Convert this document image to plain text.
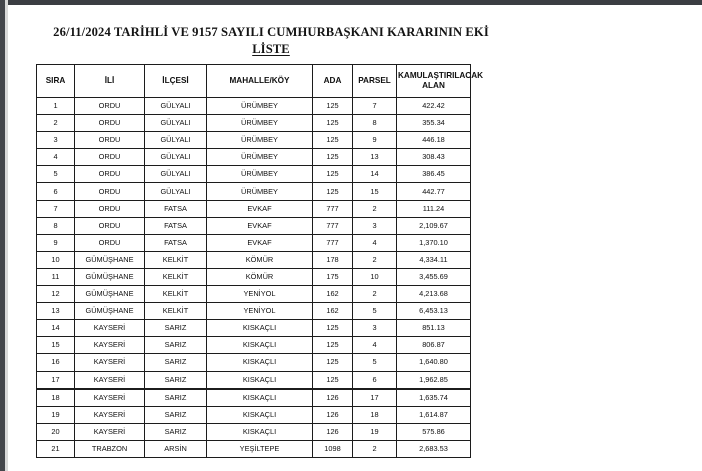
26/11/2024 TARİHLİ VE 9157 SAYILI CUMHURBAŞKANI KARARININ EKİ
LİSTE
SIRA	İLİ	İLÇESİ	MAHALLE/KÖY	ADA	PARSEL	KAMULAŞTIRILACAK ALAN
1	ORDU	GÜLYALI	ÜRÜMBEY	125	7	422.42
2	ORDU	GÜLYALI	ÜRÜMBEY	125	8	355.34
3	ORDU	GÜLYALI	ÜRÜMBEY	125	9	446.18
4	ORDU	GÜLYALI	ÜRÜMBEY	125	13	308.43
5	ORDU	GÜLYALI	ÜRÜMBEY	125	14	386.45
6	ORDU	GÜLYALI	ÜRÜMBEY	125	15	442.77
7	ORDU	FATSA	EVKAF	777	2	111.24
8	ORDU	FATSA	EVKAF	777	3	2,109.67
9	ORDU	FATSA	EVKAF	777	4	1,370.10
10	GÜMÜŞHANE	KELKİT	KÖMÜR	178	2	4,334.11
11	GÜMÜŞHANE	KELKİT	KÖMÜR	175	10	3,455.69
12	GÜMÜŞHANE	KELKİT	YENİYOL	162	2	4,213.68
13	GÜMÜŞHANE	KELKİT	YENİYOL	162	5	6,453.13
14	KAYSERİ	SARIZ	KISKAÇLI	125	3	851.13
15	KAYSERİ	SARIZ	KISKAÇLI	125	4	806.87
16	KAYSERİ	SARIZ	KISKAÇLI	125	5	1,640.80
17	KAYSERİ	SARIZ	KISKAÇLI	125	6	1,962.85
18	KAYSERİ	SARIZ	KISKAÇLI	126	17	1,635.74
19	KAYSERİ	SARIZ	KISKAÇLI	126	18	1,614.87
20	KAYSERİ	SARIZ	KISKAÇLI	126	19	575.86
21	TRABZON	ARSİN	YEŞİLTEPE	1098	2	2,683.53
